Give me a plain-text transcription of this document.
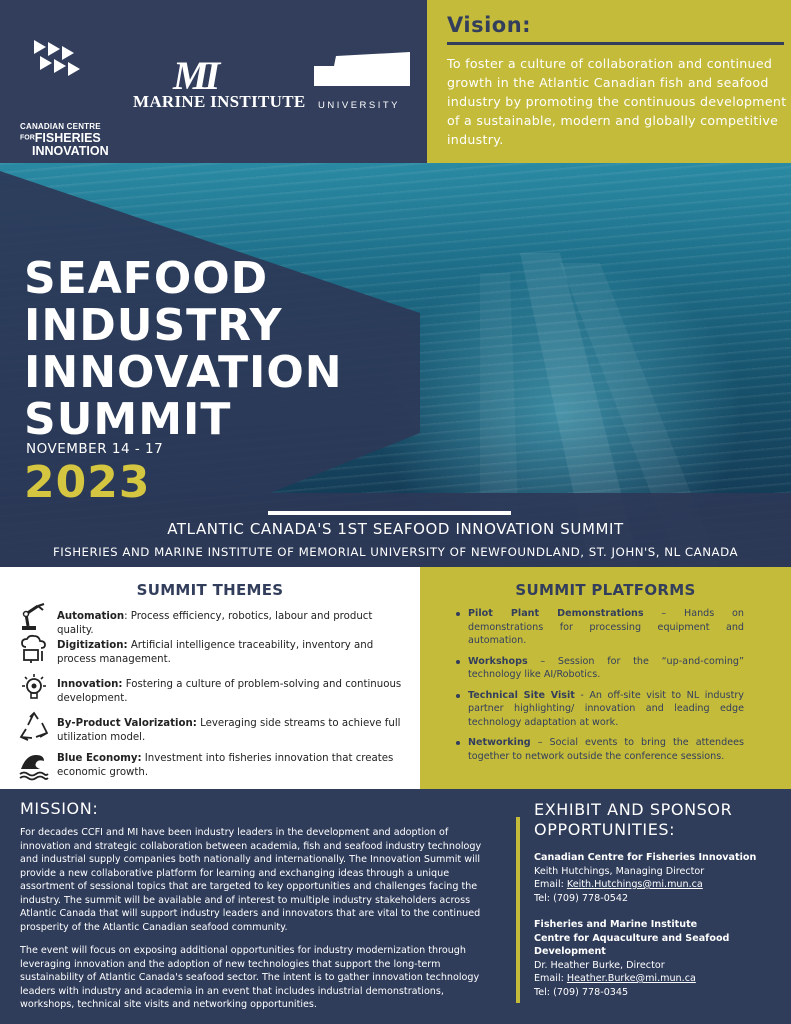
CANADIAN CENTRE
FORFISHERIES
INNOVATION
MI
MARINE INSTITUTE
MEMORIAL
UNIVERSITY
Vision:
To foster a culture of collaboration and continued growth in the Atlantic Canadian fish and seafood industry by promoting the continuous development of a sustainable, modern and globally competitive industry.
SEAFOOD
INDUSTRY
INNOVATION
SUMMIT
NOVEMBER 14 - 17
2023
ATLANTIC CANADA'S 1ST SEAFOOD INNOVATION SUMMIT
FISHERIES AND MARINE INSTITUTE OF MEMORIAL UNIVERSITY OF NEWFOUNDLAND, ST. JOHN'S, NL CANADA
SUMMIT THEMES
Automation: Process efficiency, robotics, labour and product quality.
Digitization: Artificial intelligence traceability, inventory and process management.
Innovation: Fostering a culture of problem-solving and continuous development.
By-Product Valorization: Leveraging side streams to achieve full utilization model.
Blue Economy: Investment into fisheries innovation that creates economic growth.
SUMMIT PLATFORMS
Pilot Plant Demonstrations – Hands on demonstrations for processing equipment and automation.
Workshops – Session for the “up-and-coming” technology like AI/Robotics.
Technical Site Visit - An off-site visit to NL industry partner highlighting/ innovation and leading edge technology adaptation at work.
Networking – Social events to bring the attendees together to network outside the conference sessions.
MISSION:
For decades CCFI and MI have been industry leaders in the development and adoption of innovation and strategic collaboration between academia, fish and seafood industry technology and industrial supply companies both nationally and internationally. The Innovation Summit will provide a new collaborative platform for learning and exchanging ideas through a unique assortment of sessional topics that are targeted to key opportunities and challenges facing the industry. The summit will be available and of interest to multiple industry stakeholders across Atlantic Canada that will support industry leaders and innovators that are vital to the continued prosperity of the Atlantic Canadian seafood community.
The event will focus on exposing additional opportunities for industry modernization through leveraging innovation and the adoption of new technologies that support the long-term sustainability of Atlantic Canada's seafood sector. The intent is to gather innovation technology leaders with industry and academia in an event that includes industrial demonstrations, workshops, technical site visits and networking opportunities.
EXHIBIT AND SPONSOR OPPORTUNITIES:
Canadian Centre for Fisheries Innovation
Keith Hutchings, Managing Director
Email: Keith.Hutchings@mi.mun.ca
Tel: (709) 778-0542
Fisheries and Marine Institute
Centre for Aquaculture and Seafood Development
Dr. Heather Burke, Director
Email: Heather.Burke@mi.mun.ca
Tel: (709) 778-0345
